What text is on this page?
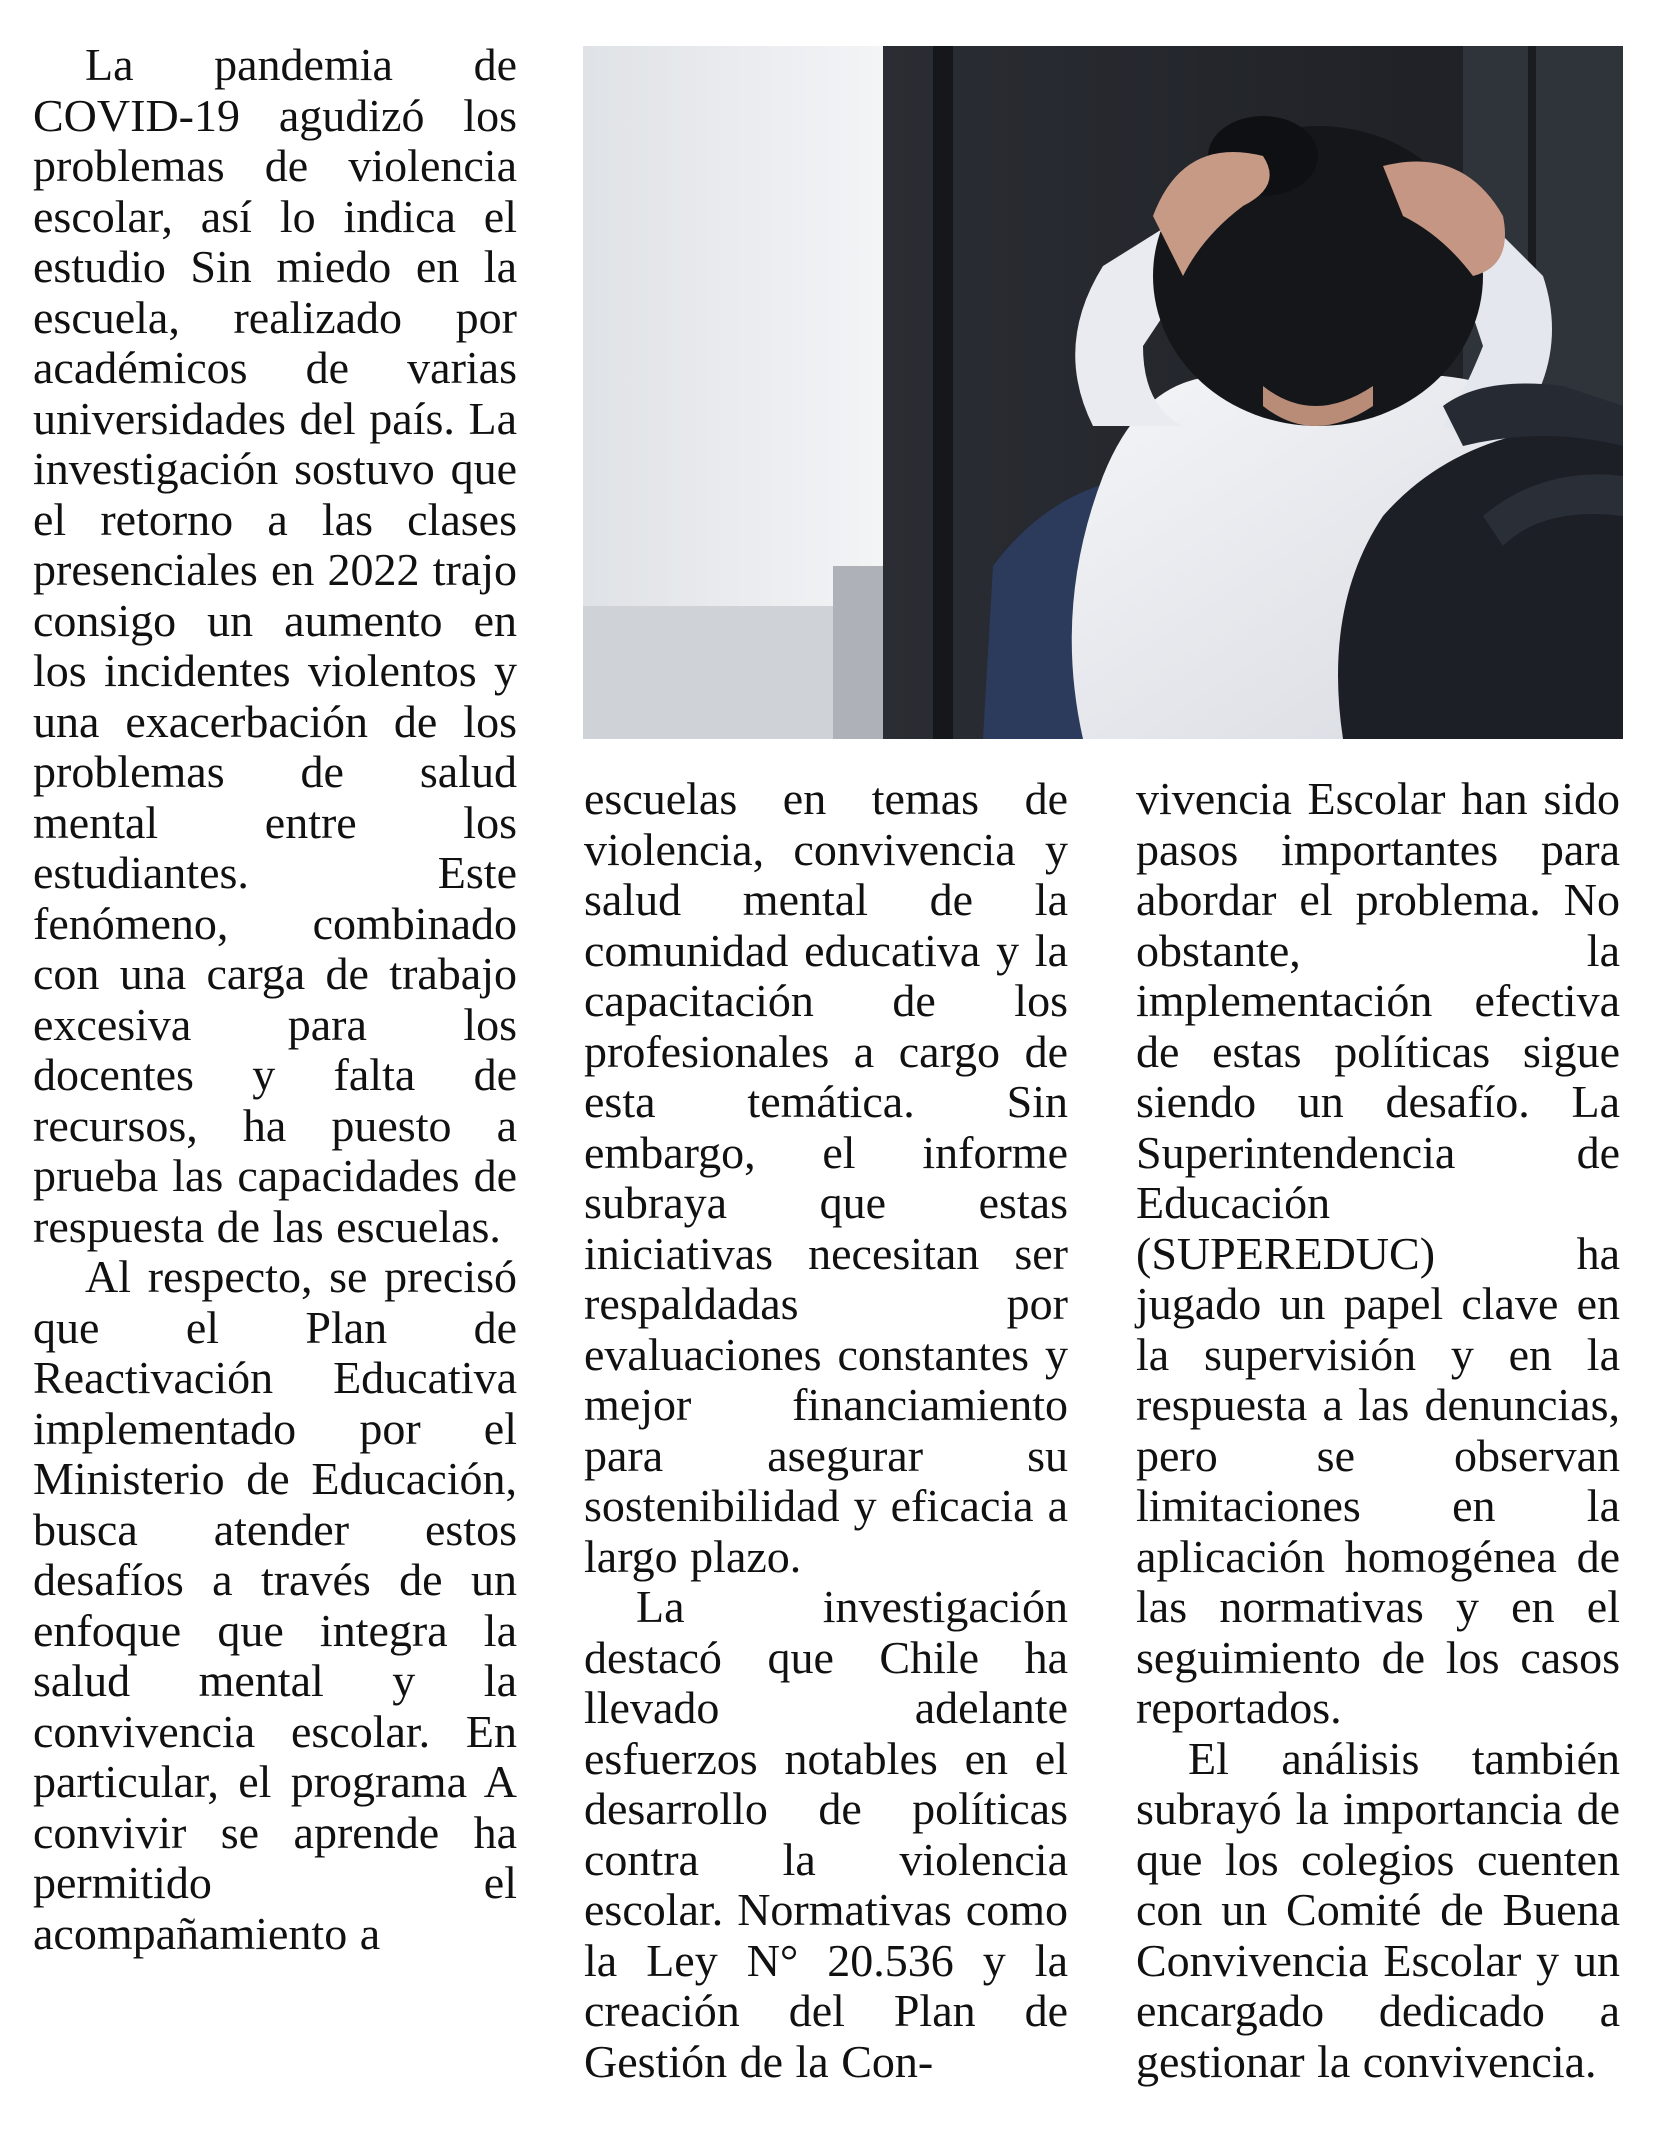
La pandemia de COVID-19 agudizó los problemas de violencia escolar, así lo indica el estudio Sin miedo en la escuela, realizado por académicos de varias universidades del país. La investigación sostuvo que el retorno a las clases presenciales en 2022 trajo consigo un aumento en los incidentes violentos y una exacerbación de los problemas de salud mental entre los estudiantes. Este fenómeno, combinado con una carga de trabajo excesiva para los docentes y falta de recursos, ha puesto a prueba las capacidades de respuesta de las escuelas.

Al respecto, se precisó que el Plan de Reactivación Educativa implementado por el Ministerio de Educación, busca atender estos desafíos a través de un enfoque que integra la salud mental y la convivencia escolar. En particular, el programa A convivir se aprende ha permitido el acompañamiento a

escuelas en temas de violencia, convivencia y salud mental de la comunidad educativa y la capacitación de los profesionales a cargo de esta temática. Sin embargo, el informe subraya que estas iniciativas necesitan ser respaldadas por evaluaciones constantes y mejor financiamiento para asegurar su sostenibilidad y eficacia a largo plazo.

La investigación destacó que Chile ha llevado adelante esfuerzos notables en el desarrollo de políticas contra la violencia escolar. Normativas como la Ley N° 20.536 y la creación del Plan de Gestión de la Con-

vivencia Escolar han sido pasos importantes para abordar el problema. No obstante, la implementación efectiva de estas políticas sigue siendo un desafío. La Superintendencia de Educación (SUPEREDUC) ha jugado un papel clave en la supervisión y en la respuesta a las denuncias, pero se observan limitaciones en la aplicación homogénea de las normativas y en el seguimiento de los casos reportados.

El análisis también subrayó la importancia de que los colegios cuenten con un Comité de Buena Convivencia Escolar y un encargado dedicado a gestionar la convivencia.
